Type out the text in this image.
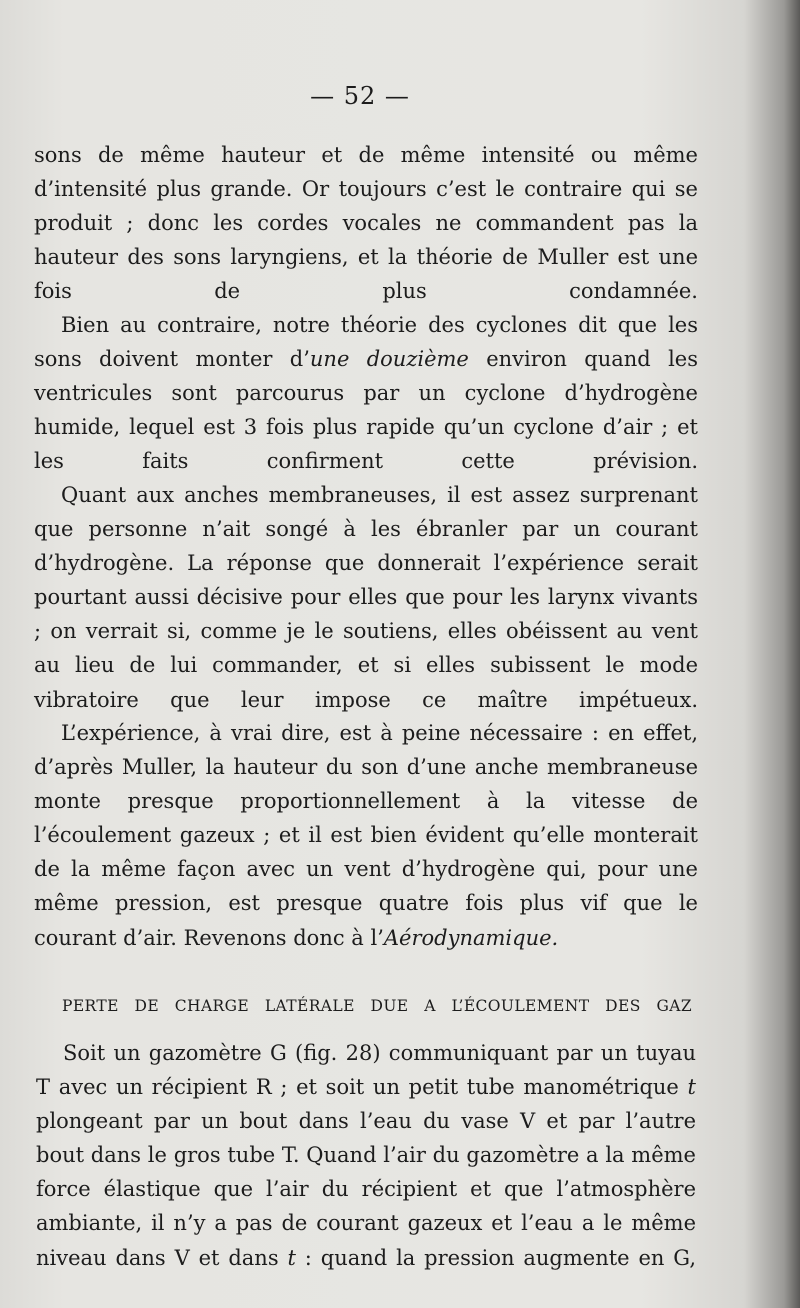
— 52 —

sons de même hauteur et de même intensité ou même d’intensité plus grande. Or toujours c’est le contraire qui se produit ; donc les cordes vocales ne commandent pas la hauteur des sons laryngiens, et la théorie de Muller est une fois de plus condamnée.

Bien au contraire, notre théorie des cyclones dit que les sons doivent monter d’une douzième environ quand les ventricules sont parcourus par un cyclone d’hydrogène humide, lequel est 3 fois plus rapide qu’un cyclone d’air ; et les faits confirment cette prévision.

Quant aux anches membraneuses, il est assez surprenant que personne n’ait songé à les ébranler par un courant d’hydrogène. La réponse que donnerait l’expérience serait pourtant aussi décisive pour elles que pour les larynx vivants ; on verrait si, comme je le soutiens, elles obéissent au vent au lieu de lui commander, et si elles subissent le mode vibratoire que leur impose ce maître impétueux.

L’expérience, à vrai dire, est à peine nécessaire : en effet, d’après Muller, la hauteur du son d’une anche membraneuse monte presque proportionnellement à la vitesse de l’écoulement gazeux ; et il est bien évident qu’elle monterait de la même façon avec un vent d’hydrogène qui, pour une même pression, est presque quatre fois plus vif que le courant d’air. Revenons donc à l’Aérodynamique.

PERTE DE CHARGE LATÉRALE DUE A L’ÉCOULEMENT DES GAZ

Soit un gazomètre G (fig. 28) communiquant par un tuyau T avec un récipient R ; et soit un petit tube manométrique t plongeant par un bout dans l’eau du vase V et par l’autre bout dans le gros tube T. Quand l’air du gazomètre a la même force élastique que l’air du récipient et que l’atmosphère ambiante, il n’y a pas de courant gazeux et l’eau a le même niveau dans V et dans t : quand la pression augmente en G,
